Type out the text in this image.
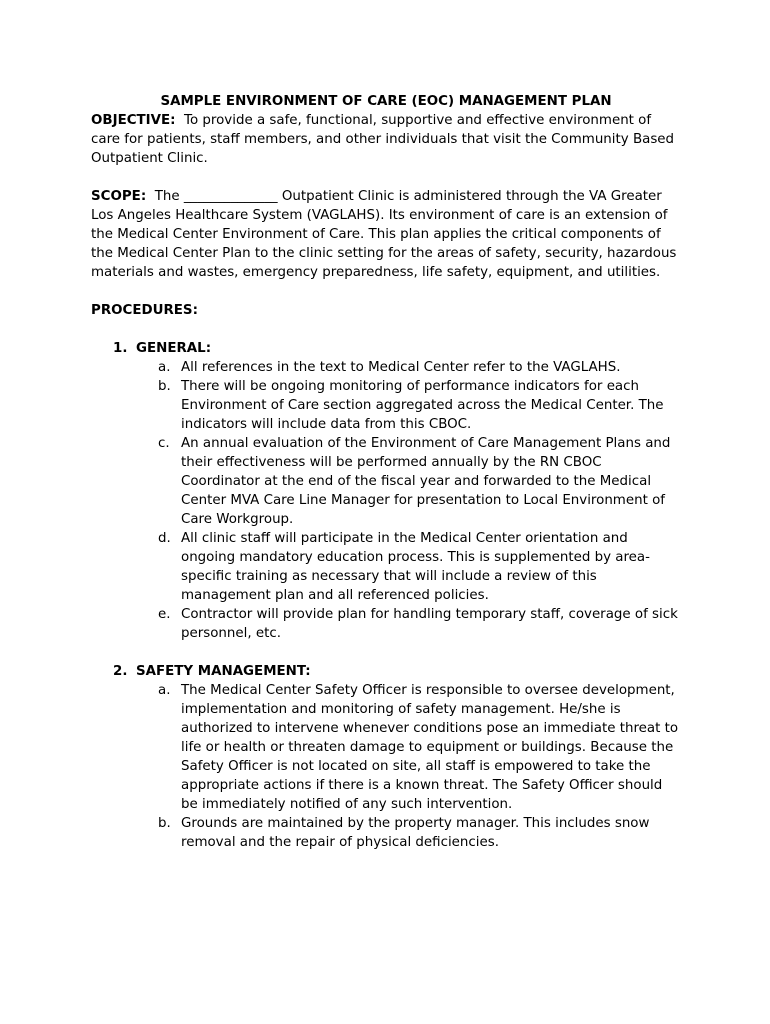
SAMPLE ENVIRONMENT OF CARE (EOC) MANAGEMENT PLAN

OBJECTIVE: To provide a safe, functional, supportive and effective environment of care for patients, staff members, and other individuals that visit the Community Based Outpatient Clinic.

SCOPE: The ______________ Outpatient Clinic is administered through the VA Greater Los Angeles Healthcare System (VAGLAHS). Its environment of care is an extension of the Medical Center Environment of Care. This plan applies the critical components of the Medical Center Plan to the clinic setting for the areas of safety, security, hazardous materials and wastes, emergency preparedness, life safety, equipment, and utilities.

PROCEDURES:

1. GENERAL:
a. All references in the text to Medical Center refer to the VAGLAHS.
b. There will be ongoing monitoring of performance indicators for each Environment of Care section aggregated across the Medical Center. The indicators will include data from this CBOC.
c. An annual evaluation of the Environment of Care Management Plans and their effectiveness will be performed annually by the RN CBOC Coordinator at the end of the fiscal year and forwarded to the Medical Center MVA Care Line Manager for presentation to Local Environment of Care Workgroup.
d. All clinic staff will participate in the Medical Center orientation and ongoing mandatory education process. This is supplemented by area-specific training as necessary that will include a review of this management plan and all referenced policies.
e. Contractor will provide plan for handling temporary staff, coverage of sick personnel, etc.
2. SAFETY MANAGEMENT:
a. The Medical Center Safety Officer is responsible to oversee development, implementation and monitoring of safety management. He/she is authorized to intervene whenever conditions pose an immediate threat to life or health or threaten damage to equipment or buildings. Because the Safety Officer is not located on site, all staff is empowered to take the appropriate actions if there is a known threat. The Safety Officer should be immediately notified of any such intervention.
b. Grounds are maintained by the property manager. This includes snow removal and the repair of physical deficiencies.
